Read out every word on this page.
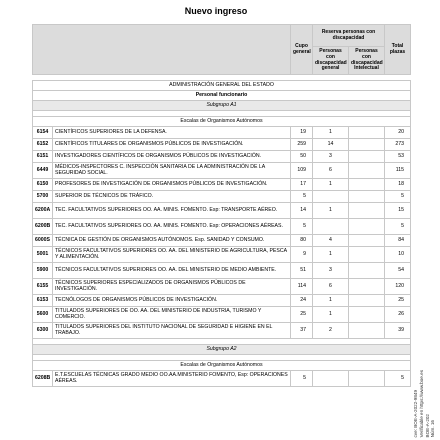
Nuevo ingreso
		Cupo general	Reserva personas con discapacidad		Total plazas
			Personas con discapacidad general	Personas con discapacidad Intelectual	

ADMINISTRACIÓN GENERAL DEL ESTADO					
Personal funcionario					
Subgrupo A1					

Escalas de Organismos Autónomos					
6154	CIENTÍFICOS SUPERIORES DE LA DEFENSA.	19	1		20
6152	CIENTÍFICOS TITULARES DE ORGANISMOS PÚBLICOS DE INVESTIGACIÓN.	259	14		273
6151	INVESTIGADORES CIENTÍFICOS DE ORGANISMOS PÚBLICOS DE INVESTIGACIÓN.	50	3		53
6449	MÉDICOS-INSPECTORES C. INSPECCIÓN SANITARIA DE LA ADMINISTRACIÓN DE LA SEGURIDAD SOCIAL.	109	6		115
6150	PROFESORES DE INVESTIGACIÓN DE ORGANISMOS PÚBLICOS DE INVESTIGACIÓN.	17	1		18
5700	SUPERIOR DE TÉCNICOS DE TRÁFICO.	5			5
6200A	TEC. FACULTATIVOS SUPERIORES OO. AA. MINIS. FOMENTO. Esp: TRANSPORTE AÉREO.	14	1		15
6200B	TEC. FACULTATIVOS SUPERIORES OO. AA. MINIS. FOMENTO. Esp: OPERACIONES AÉREAS.	5			5
6000S	TÉCNICA DE GESTIÓN DE ORGANISMOS AUTÓNOMOS. Esp. SANIDAD Y CONSUMO.	80	4		84
5001	TÉCNICOS FACULTATIVOS SUPERIORES OO. AA. DEL MINISTERIO DE AGRICULTURA, PESCA Y ALIMENTACIÓN.	9	1		10
5900	TÉCNICOS FACULTATIVOS SUPERIORES OO. AA. DEL MINISTERIO DE MEDIO AMBIENTE.	51	3		54
6155	TÉCNICOS SUPERIORES ESPECIALIZADOS DE ORGANISMOS PÚBLICOS DE INVESTIGACIÓN.	114	6		120
6153	TECNÓLOGOS DE ORGANISMOS PÚBLICOS DE INVESTIGACIÓN.	24	1		25
5600	TITULADOS SUPERIORES DE OO. AA. DEL MINISTERIO DE INDUSTRIA, TURISMO Y COMERCIO.	25	1		26
6300	TITULADOS SUPERIORES DEL INSTITUTO NACIONAL DE SEGURIDAD E HIGIENE EN EL TRABAJO.	37	2		39

Subgrupo A2					

Escalas de Organismos Autónomos					
6208B	E.T.ESCUELAS TÉCNICAS GRADO MEDIO OO.AA.MINISTERIO FOMENTO, Esp: OPERACIONES AÉREAS.	5			5
cve: BOE-A-2022-9849 Verificable en https://www.boe.es BOE-A-202 Núm. 16
